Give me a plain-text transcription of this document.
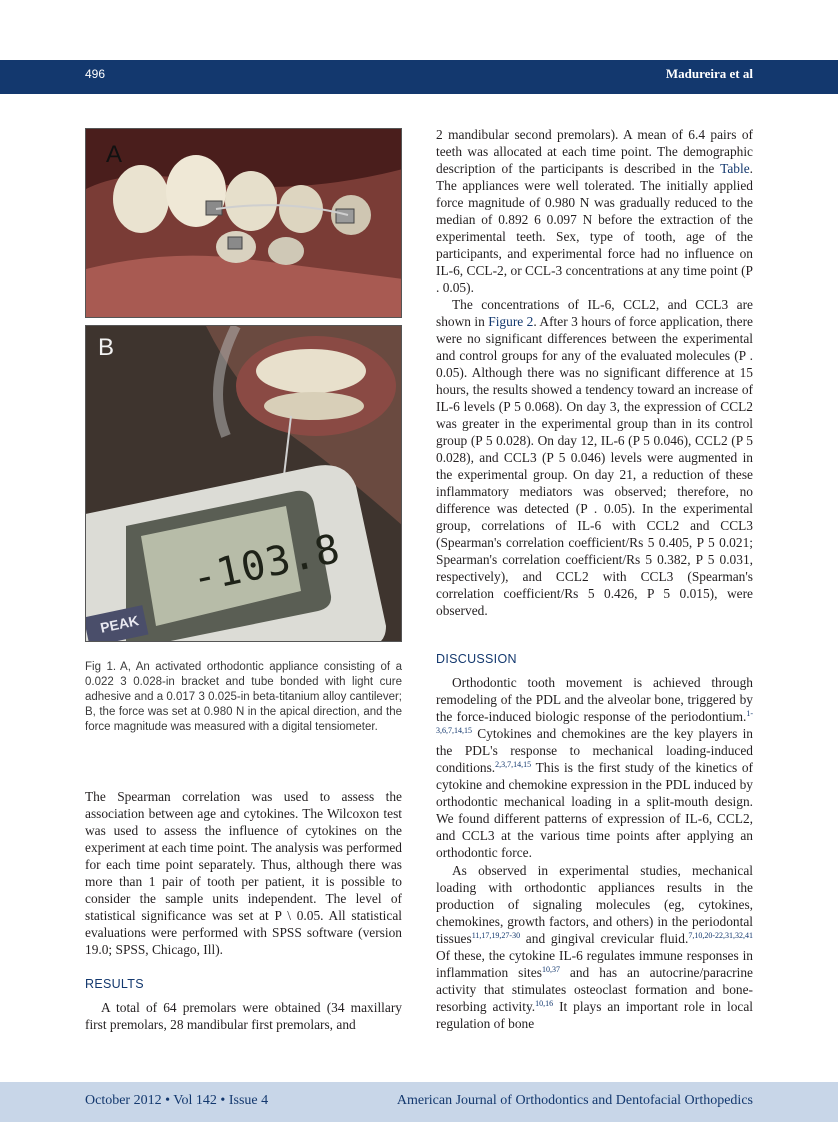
496	Madureira et al
A
B
-103.8
PEAK
Fig 1. A, An activated orthodontic appliance consisting of a 0.022 3 0.028-in bracket and tube bonded with light cure adhesive and a 0.017 3 0.025-in beta-titanium alloy cantilever; B, the force was set at 0.980 N in the apical direction, and the force magnitude was measured with a digital tensiometer.
The Spearman correlation was used to assess the association between age and cytokines. The Wilcoxon test was used to assess the influence of cytokines on the experiment at each time point. The analysis was performed for each time point separately. Thus, although there was more than 1 pair of tooth per patient, it is possible to consider the sample units independent. The level of statistical significance was set at P \ 0.05. All statistical evaluations were performed with SPSS software (version 19.0; SPSS, Chicago, Ill).
RESULTS
A total of 64 premolars were obtained (34 maxillary first premolars, 28 mandibular first premolars, and
2 mandibular second premolars). A mean of 6.4 pairs of teeth was allocated at each time point. The demographic description of the participants is described in the Table. The appliances were well tolerated. The initially applied force magnitude of 0.980 N was gradually reduced to the median of 0.892 6 0.097 N before the extraction of the experimental teeth. Sex, type of tooth, age of the participants, and experimental force had no influence on IL-6, CCL-2, or CCL-3 concentrations at any time point (P . 0.05).
The concentrations of IL-6, CCL2, and CCL3 are shown in Figure 2. After 3 hours of force application, there were no significant differences between the experimental and control groups for any of the evaluated molecules (P . 0.05). Although there was no significant difference at 15 hours, the results showed a tendency toward an increase of IL-6 levels (P 5 0.068). On day 3, the expression of CCL2 was greater in the experimental group than in its control group (P 5 0.028). On day 12, IL-6 (P 5 0.046), CCL2 (P 5 0.028), and CCL3 (P 5 0.046) levels were augmented in the experimental group. On day 21, a reduction of these inflammatory mediators was observed; therefore, no difference was detected (P . 0.05). In the experimental group, correlations of IL-6 with CCL2 and CCL3 (Spearman's correlation coefficient/Rs 5 0.405, P 5 0.021; Spearman's correlation coefficient/Rs 5 0.382, P 5 0.031, respectively), and CCL2 with CCL3 (Spearman's correlation coefficient/Rs 5 0.426, P 5 0.015), were observed.
DISCUSSION
Orthodontic tooth movement is achieved through remodeling of the PDL and the alveolar bone, triggered by the force-induced biologic response of the periodontium.$^{1-3,6,7,14,15}$ Cytokines and chemokines are the key players in the PDL's response to mechanical loading-induced conditions.$^{2,3,7,14,15}$ This is the first study of the kinetics of cytokine and chemokine expression in the PDL induced by orthodontic mechanical loading in a split-mouth design. We found different patterns of expression of IL-6, CCL2, and CCL3 at the various time points after applying an orthodontic force.
As observed in experimental studies, mechanical loading with orthodontic appliances results in the production of signaling molecules (eg, cytokines, chemokines, growth factors, and others) in the periodontal tissues$^{11,17,19,27-30}$ and gingival crevicular fluid.$^{7,10,20-22,31,32,41}$ Of these, the cytokine IL-6 regulates immune responses in inflammation sites$^{10,37}$ and has an autocrine/paracrine activity that stimulates osteoclast formation and bone-resorbing activity.$^{10,16}$ It plays an important role in local regulation of bone
October 2012 • Vol 142 • Issue 4	American Journal of Orthodontics and Dentofacial Orthopedics
